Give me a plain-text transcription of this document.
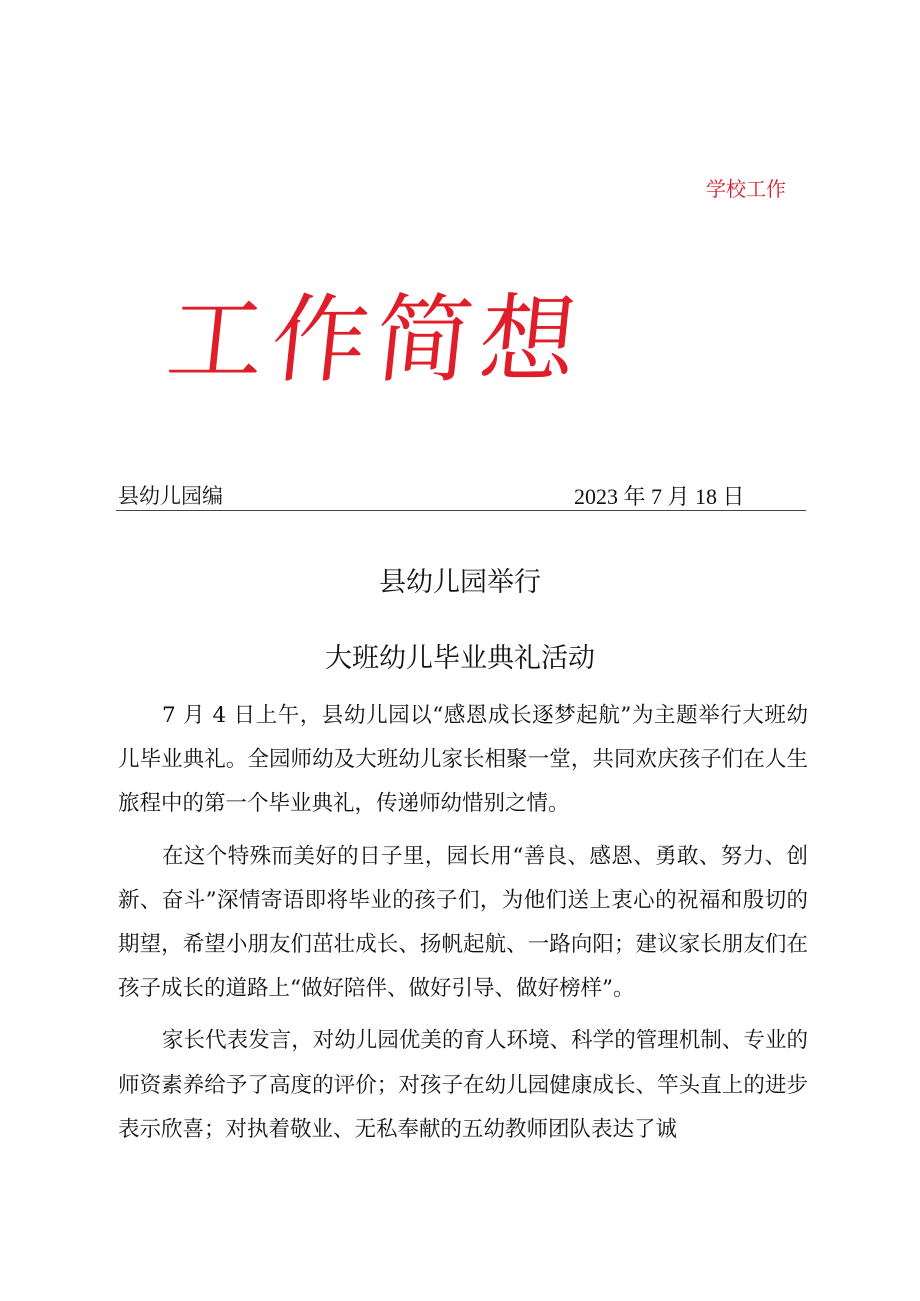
学校工作
工作简想
县幼儿园编	2023 年 7 月 18 日
县幼儿园举行
大班幼儿毕业典礼活动

7 月 4 日上午，县幼儿园以“感恩成长逐梦起航”为主题举行大班幼儿毕业典礼。全园师幼及大班幼儿家长相聚一堂，共同欢庆孩子们在人生旅程中的第一个毕业典礼，传递师幼惜别之情。

在这个特殊而美好的日子里，园长用“善良、感恩、勇敢、努力、创新、奋斗”深情寄语即将毕业的孩子们，为他们送上衷心的祝福和殷切的期望，希望小朋友们茁壮成长、扬帆起航、一路向阳；建议家长朋友们在孩子成长的道路上“做好陪伴、做好引导、做好榜样”。

家长代表发言，对幼儿园优美的育人环境、科学的管理机制、专业的师资素养给予了高度的评价；对孩子在幼儿园健康成长、竿头直上的进步表示欣喜；对执着敬业、无私奉献的五幼教师团队表达了诚
